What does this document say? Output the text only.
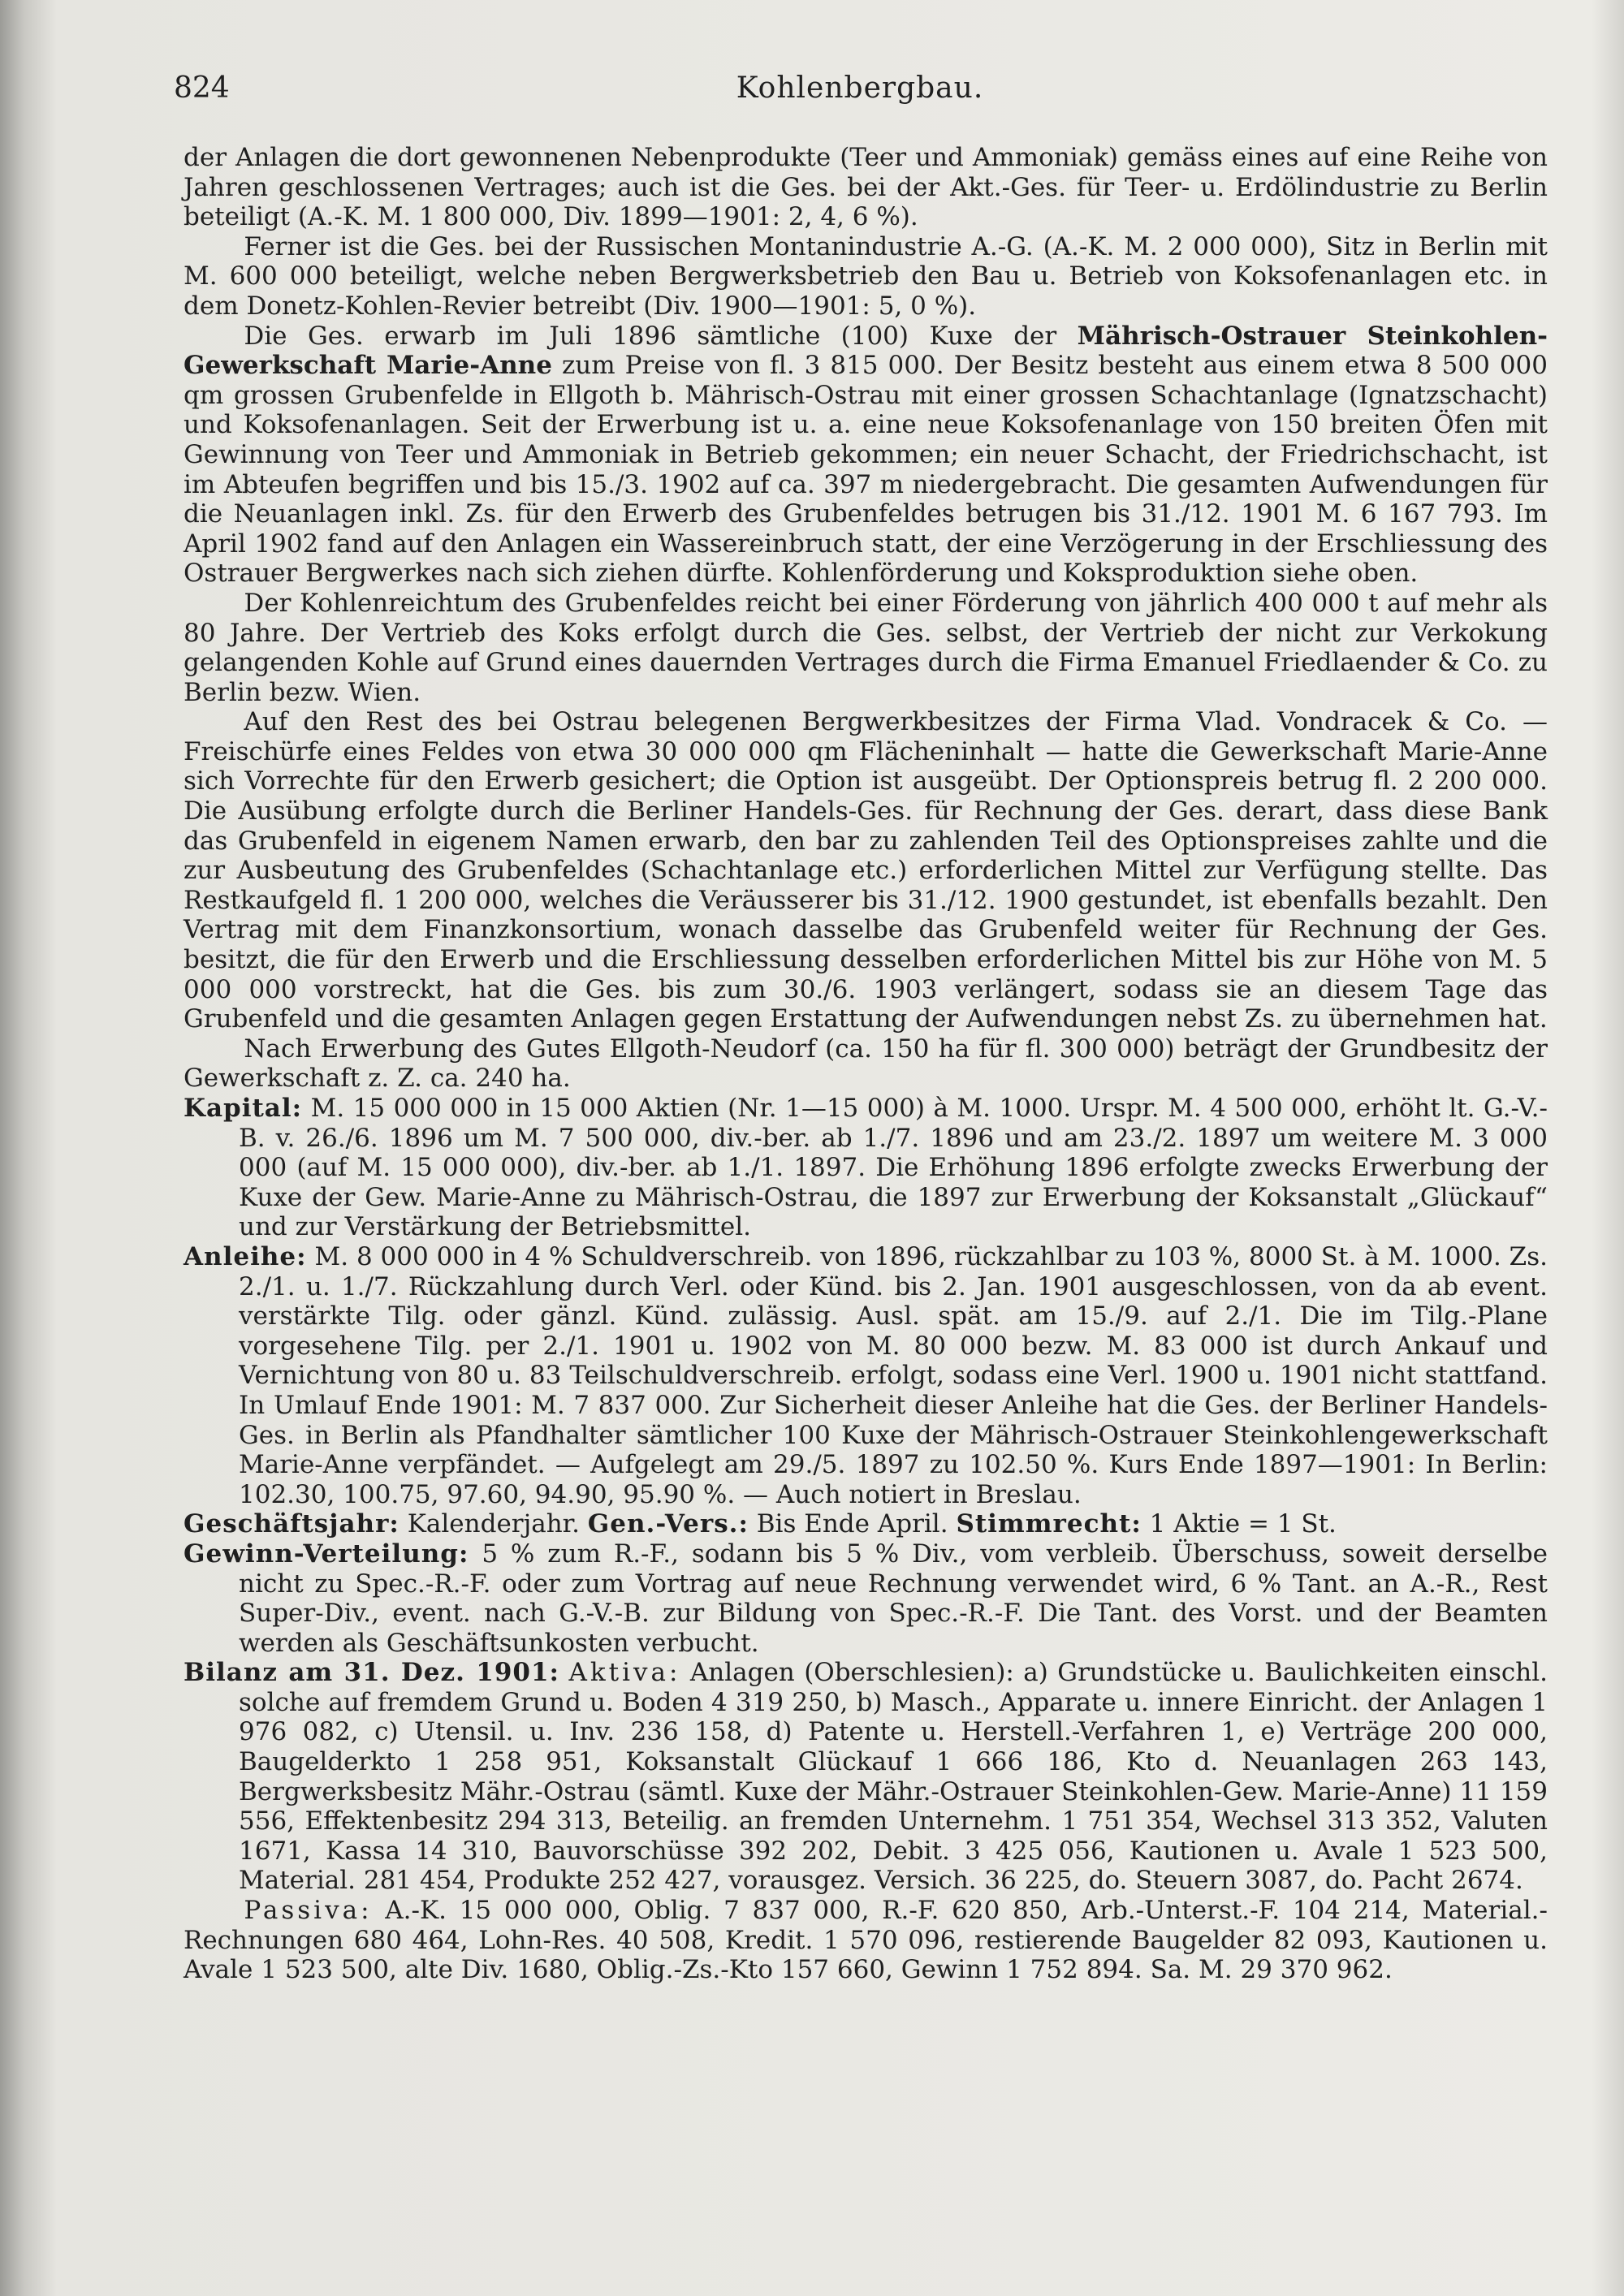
824	Kohlenbergbau.

der Anlagen die dort gewonnenen Nebenprodukte (Teer und Ammoniak) gemäss eines auf eine Reihe von Jahren geschlossenen Vertrages; auch ist die Ges. bei der Akt.-Ges. für Teer- u. Erdölindustrie zu Berlin beteiligt (A.-K. M. 1 800 000, Div. 1899—1901: 2, 4, 6 %).

Ferner ist die Ges. bei der Russischen Montanindustrie A.-G. (A.-K. M. 2 000 000), Sitz in Berlin mit M. 600 000 beteiligt, welche neben Bergwerksbetrieb den Bau u. Betrieb von Koksofenanlagen etc. in dem Donetz-Kohlen-Revier betreibt (Div. 1900—1901: 5, 0 %).

Die Ges. erwarb im Juli 1896 sämtliche (100) Kuxe der Mährisch-Ostrauer Steinkohlen-Gewerkschaft Marie-Anne zum Preise von fl. 3 815 000. Der Besitz besteht aus einem etwa 8 500 000 qm grossen Grubenfelde in Ellgoth b. Mährisch-Ostrau mit einer grossen Schachtanlage (Ignatzschacht) und Koksofenanlagen. Seit der Erwerbung ist u. a. eine neue Koksofenanlage von 150 breiten Öfen mit Gewinnung von Teer und Ammoniak in Betrieb gekommen; ein neuer Schacht, der Friedrichschacht, ist im Abteufen begriffen und bis 15./3. 1902 auf ca. 397 m niedergebracht. Die gesamten Aufwendungen für die Neuanlagen inkl. Zs. für den Erwerb des Grubenfeldes betrugen bis 31./12. 1901 M. 6 167 793. Im April 1902 fand auf den Anlagen ein Wassereinbruch statt, der eine Verzögerung in der Erschliessung des Ostrauer Bergwerkes nach sich ziehen dürfte. Kohlenförderung und Koksproduktion siehe oben.

Der Kohlenreichtum des Grubenfeldes reicht bei einer Förderung von jährlich 400 000 t auf mehr als 80 Jahre. Der Vertrieb des Koks erfolgt durch die Ges. selbst, der Vertrieb der nicht zur Verkokung gelangenden Kohle auf Grund eines dauernden Vertrages durch die Firma Emanuel Friedlaender & Co. zu Berlin bezw. Wien.

Auf den Rest des bei Ostrau belegenen Bergwerkbesitzes der Firma Vlad. Vondracek & Co. — Freischürfe eines Feldes von etwa 30 000 000 qm Flächeninhalt — hatte die Gewerkschaft Marie-Anne sich Vorrechte für den Erwerb gesichert; die Option ist ausgeübt. Der Optionspreis betrug fl. 2 200 000. Die Ausübung erfolgte durch die Berliner Handels-Ges. für Rechnung der Ges. derart, dass diese Bank das Grubenfeld in eigenem Namen erwarb, den bar zu zahlenden Teil des Optionspreises zahlte und die zur Ausbeutung des Grubenfeldes (Schachtanlage etc.) erforderlichen Mittel zur Verfügung stellte. Das Restkaufgeld fl. 1 200 000, welches die Veräusserer bis 31./12. 1900 gestundet, ist ebenfalls bezahlt. Den Vertrag mit dem Finanzkonsortium, wonach dasselbe das Grubenfeld weiter für Rechnung der Ges. besitzt, die für den Erwerb und die Erschliessung desselben erforderlichen Mittel bis zur Höhe von M. 5 000 000 vorstreckt, hat die Ges. bis zum 30./6. 1903 verlängert, sodass sie an diesem Tage das Grubenfeld und die gesamten Anlagen gegen Erstattung der Aufwendungen nebst Zs. zu übernehmen hat.

Nach Erwerbung des Gutes Ellgoth-Neudorf (ca. 150 ha für fl. 300 000) beträgt der Grundbesitz der Gewerkschaft z. Z. ca. 240 ha.

Kapital: M. 15 000 000 in 15 000 Aktien (Nr. 1—15 000) à M. 1000. Urspr. M. 4 500 000, erhöht lt. G.-V.-B. v. 26./6. 1896 um M. 7 500 000, div.-ber. ab 1./7. 1896 und am 23./2. 1897 um weitere M. 3 000 000 (auf M. 15 000 000), div.-ber. ab 1./1. 1897. Die Erhöhung 1896 erfolgte zwecks Erwerbung der Kuxe der Gew. Marie-Anne zu Mährisch-Ostrau, die 1897 zur Erwerbung der Koksanstalt „Glückauf“ und zur Verstärkung der Betriebsmittel.
Anleihe: M. 8 000 000 in 4 % Schuldverschreib. von 1896, rückzahlbar zu 103 %, 8000 St. à M. 1000. Zs. 2./1. u. 1./7. Rückzahlung durch Verl. oder Künd. bis 2. Jan. 1901 ausgeschlossen, von da ab event. verstärkte Tilg. oder gänzl. Künd. zulässig. Ausl. spät. am 15./9. auf 2./1. Die im Tilg.-Plane vorgesehene Tilg. per 2./1. 1901 u. 1902 von M. 80 000 bezw. M. 83 000 ist durch Ankauf und Vernichtung von 80 u. 83 Teilschuldverschreib. erfolgt, sodass eine Verl. 1900 u. 1901 nicht stattfand. In Umlauf Ende 1901: M. 7 837 000. Zur Sicherheit dieser Anleihe hat die Ges. der Berliner Handels-Ges. in Berlin als Pfandhalter sämtlicher 100 Kuxe der Mährisch-Ostrauer Steinkohlengewerkschaft Marie-Anne verpfändet. — Aufgelegt am 29./5. 1897 zu 102.50 %. Kurs Ende 1897—1901: In Berlin: 102.30, 100.75, 97.60, 94.90, 95.90 %. — Auch notiert in Breslau.
Geschäftsjahr: Kalenderjahr. Gen.-Vers.: Bis Ende April. Stimmrecht: 1 Aktie = 1 St.
Gewinn-Verteilung: 5 % zum R.-F., sodann bis 5 % Div., vom verbleib. Überschuss, soweit derselbe nicht zu Spec.-R.-F. oder zum Vortrag auf neue Rechnung verwendet wird, 6 % Tant. an A.-R., Rest Super-Div., event. nach G.-V.-B. zur Bildung von Spec.-R.-F. Die Tant. des Vorst. und der Beamten werden als Geschäftsunkosten verbucht.
Bilanz am 31. Dez. 1901: Aktiva: Anlagen (Oberschlesien): a) Grundstücke u. Baulichkeiten einschl. solche auf fremdem Grund u. Boden 4 319 250, b) Masch., Apparate u. innere Einricht. der Anlagen 1 976 082, c) Utensil. u. Inv. 236 158, d) Patente u. Herstell.-Verfahren 1, e) Verträge 200 000, Baugelderkto 1 258 951, Koksanstalt Glückauf 1 666 186, Kto d. Neuanlagen 263 143, Bergwerksbesitz Mähr.-Ostrau (sämtl. Kuxe der Mähr.-Ostrauer Steinkohlen-Gew. Marie-Anne) 11 159 556, Effektenbesitz 294 313, Beteilig. an fremden Unternehm. 1 751 354, Wechsel 313 352, Valuten 1671, Kassa 14 310, Bauvorschüsse 392 202, Debit. 3 425 056, Kautionen u. Avale 1 523 500, Material. 281 454, Produkte 252 427, vorausgez. Versich. 36 225, do. Steuern 3087, do. Pacht 2674.

Passiva: A.-K. 15 000 000, Oblig. 7 837 000, R.-F. 620 850, Arb.-Unterst.-F. 104 214, Material.-Rechnungen 680 464, Lohn-Res. 40 508, Kredit. 1 570 096, restierende Baugelder 82 093, Kautionen u. Avale 1 523 500, alte Div. 1680, Oblig.-Zs.-Kto 157 660, Gewinn 1 752 894. Sa. M. 29 370 962.
